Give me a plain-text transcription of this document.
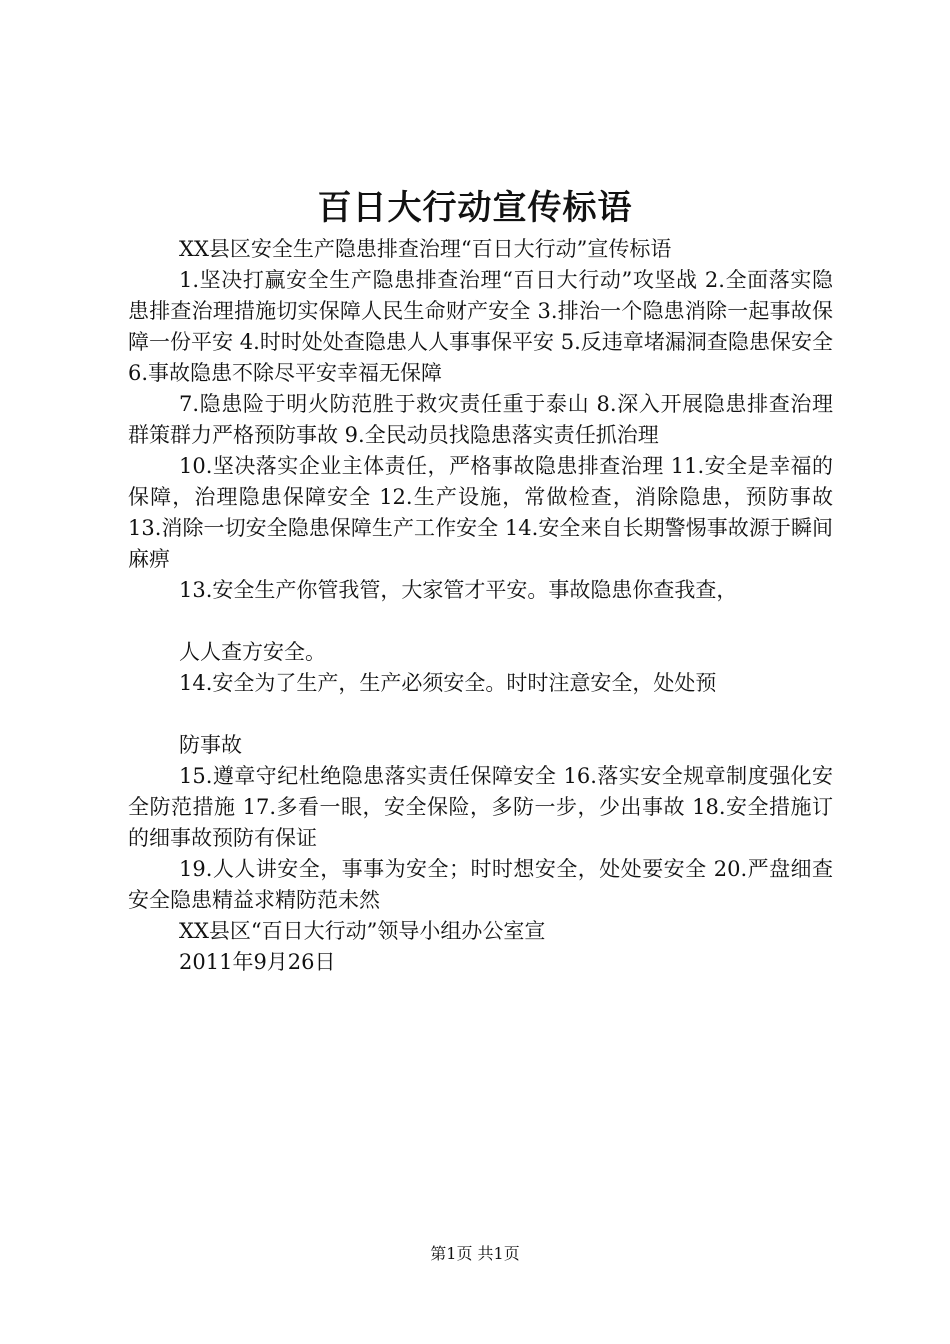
百日大行动宣传标语

XX县区安全生产隐患排查治理“百日大行动”宣传标语

1.坚决打赢安全生产隐患排查治理“百日大行动”攻坚战 2.全面落实隐患排查治理措施切实保障人民生命财产安全 3.排治一个隐患消除一起事故保障一份平安 4.时时处处查隐患人人事事保平安 5.反违章堵漏洞查隐患保安全 6.事故隐患不除尽平安幸福无保障

7.隐患险于明火防范胜于救灾责任重于泰山 8.深入开展隐患排查治理群策群力严格预防事故 9.全民动员找隐患落实责任抓治理

10.坚决落实企业主体责任，严格事故隐患排查治理 11.安全是幸福的保障，治理隐患保障安全 12.生产设施，常做检查，消除隐患，预防事故 13.消除一切安全隐患保障生产工作安全 14.安全来自长期警惕事故源于瞬间麻痹

13.安全生产你管我管，大家管才平安。事故隐患你查我查，

人人查方安全。

14.安全为了生产，生产必须安全。时时注意安全，处处预

防事故

15.遵章守纪杜绝隐患落实责任保障安全 16.落实安全规章制度强化安全防范措施 17.多看一眼，安全保险，多防一步，少出事故 18.安全措施订的细事故预防有保证

19.人人讲安全，事事为安全；时时想安全，处处要安全 20.严盘细查安全隐患精益求精防范未然

XX县区“百日大行动”领导小组办公室宣

2011年9月26日

第1页 共1页
